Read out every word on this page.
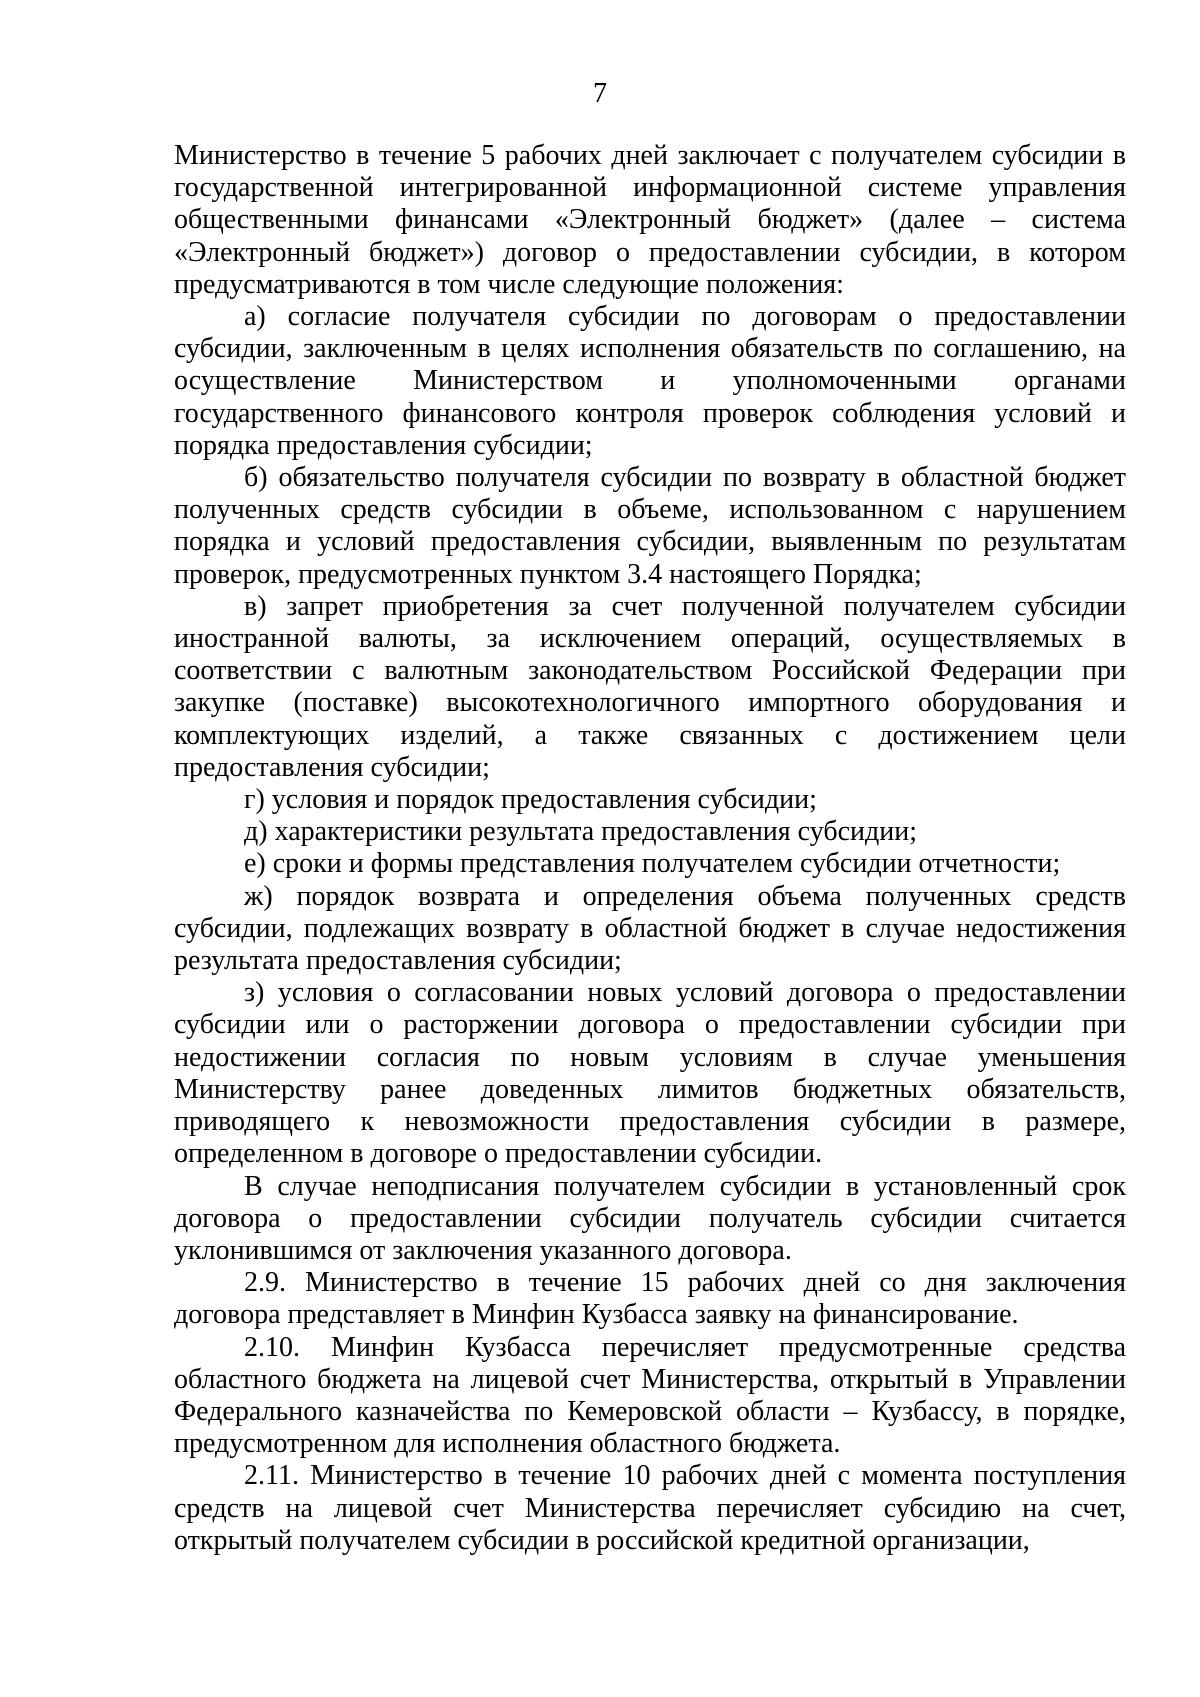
7

Министерство в течение 5 рабочих дней заключает с получателем субсидии в государственной интегрированной информационной системе управления общественными финансами «Электронный бюджет» (далее – система «Электронный бюджет») договор о предоставлении субсидии, в котором предусматриваются в том числе следующие положения:

а) согласие получателя субсидии по договорам о предоставлении субсидии, заключенным в целях исполнения обязательств по соглашению, на осуществление Министерством и уполномоченными органами государственного финансового контроля проверок соблюдения условий и порядка предоставления субсидии;

б) обязательство получателя субсидии по возврату в областной бюджет полученных средств субсидии в объеме, использованном с нарушением порядка и условий предоставления субсидии, выявленным по результатам проверок, предусмотренных пунктом 3.4 настоящего Порядка;

в) запрет приобретения за счет полученной получателем субсидии иностранной валюты, за исключением операций, осуществляемых в соответствии с валютным законодательством Российской Федерации при закупке (поставке) высокотехнологичного импортного оборудования и комплектующих изделий, а также связанных с достижением цели предоставления субсидии;

г) условия и порядок предоставления субсидии;

д) характеристики результата предоставления субсидии;

е) сроки и формы представления получателем субсидии отчетности;

ж) порядок возврата и определения объема полученных средств субсидии, подлежащих возврату в областной бюджет в случае недостижения результата предоставления субсидии;

з) условия о согласовании новых условий договора о предоставлении субсидии или о расторжении договора о предоставлении субсидии при недостижении согласия по новым условиям в случае уменьшения Министерству ранее доведенных лимитов бюджетных обязательств, приводящего к невозможности предоставления субсидии в размере, определенном в договоре о предоставлении субсидии.

В случае неподписания получателем субсидии в установленный срок договора о предоставлении субсидии получатель субсидии считается уклонившимся от заключения указанного договора.

2.9. Министерство в течение 15 рабочих дней со дня заключения договора представляет в Минфин Кузбасса заявку на финансирование.

2.10. Минфин Кузбасса перечисляет предусмотренные средства областного бюджета на лицевой счет Министерства, открытый в Управлении Федерального казначейства по Кемеровской области – Кузбассу, в порядке, предусмотренном для исполнения областного бюджета.

2.11. Министерство в течение 10 рабочих дней с момента поступления средств на лицевой счет Министерства перечисляет субсидию на счет, открытый получателем субсидии в российской кредитной организации,
